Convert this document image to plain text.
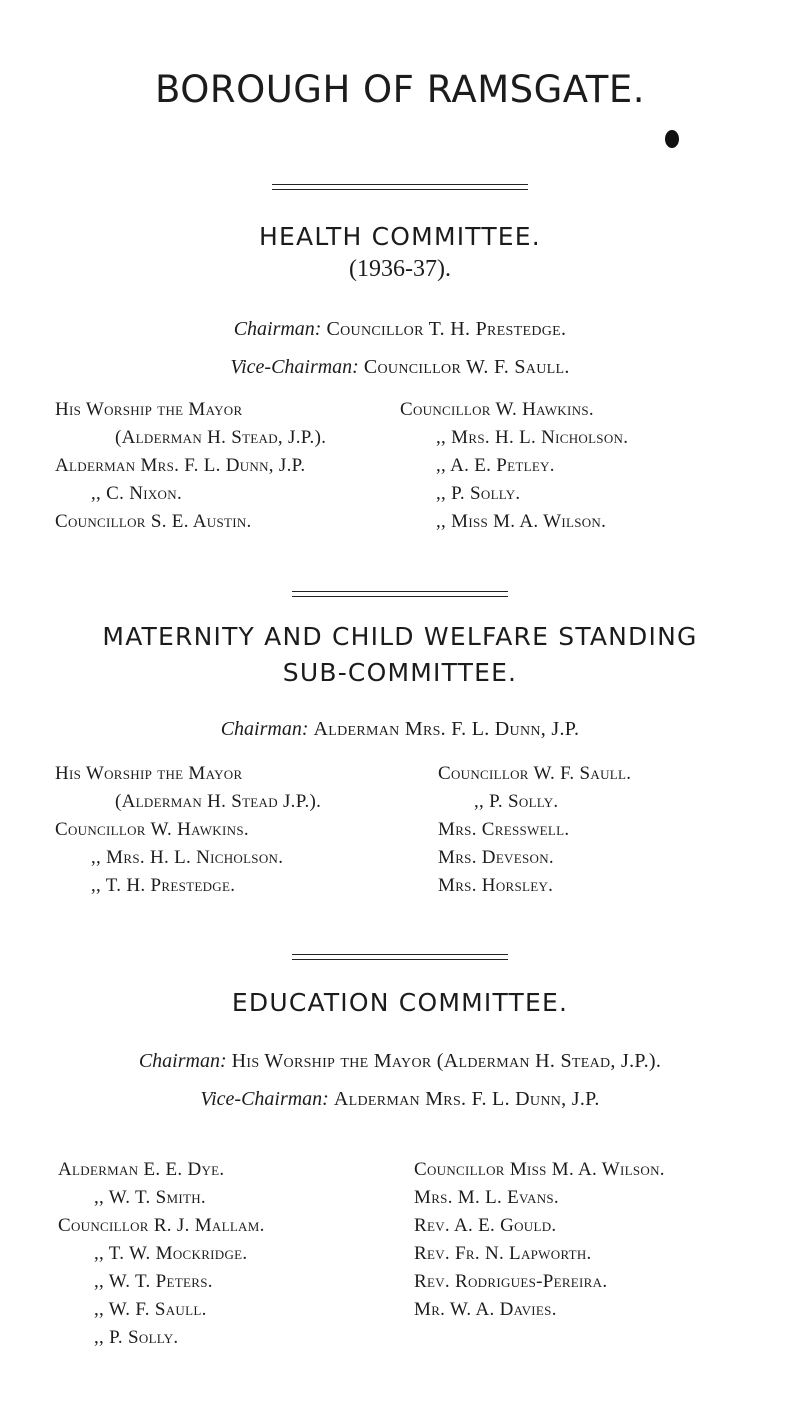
BOROUGH OF RAMSGATE.
HEALTH COMMITTEE.
(1936-37).
Chairman: Councillor T. H. Prestedge.
Vice-Chairman: Councillor W. F. Saull.
His Worship the Mayor
(Alderman H. Stead, J.P.).
Alderman Mrs. F. L. Dunn, J.P.
,, C. Nixon.
Councillor S. E. Austin.
Councillor W. Hawkins.
,, Mrs. H. L. Nicholson.
,, A. E. Petley.
,, P. Solly.
,, Miss M. A. Wilson.
MATERNITY AND CHILD WELFARE STANDING
SUB-COMMITTEE.
Chairman: Alderman Mrs. F. L. Dunn, J.P.
His Worship the Mayor
(Alderman H. Stead J.P.).
Councillor W. Hawkins.
,, Mrs. H. L. Nicholson.
,, T. H. Prestedge.
Councillor W. F. Saull.
,, P. Solly.
Mrs. Cresswell.
Mrs. Deveson.
Mrs. Horsley.
EDUCATION COMMITTEE.
Chairman: His Worship the Mayor (Alderman H. Stead, J.P.).
Vice-Chairman: Alderman Mrs. F. L. Dunn, J.P.
Alderman E. E. Dye.
,, W. T. Smith.
Councillor R. J. Mallam.
,, T. W. Mockridge.
,, W. T. Peters.
,, W. F. Saull.
,, P. Solly.
Councillor Miss M. A. Wilson.
Mrs. M. L. Evans.
Rev. A. E. Gould.
Rev. Fr. N. Lapworth.
Rev. Rodrigues-Pereira.
Mr. W. A. Davies.
